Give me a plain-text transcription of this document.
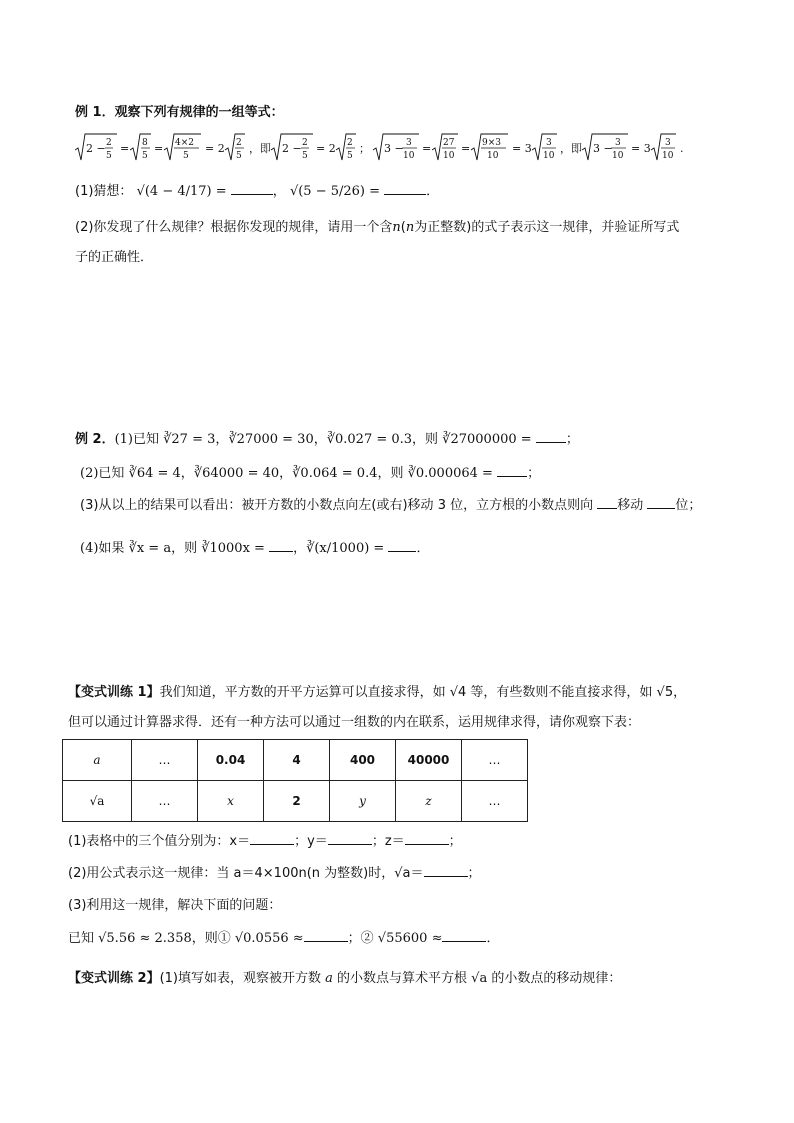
例 1．观察下列有规律的一组等式：
2 − 2
5
= 8
5
= 4×2
5
= 2 2
5
，即 2 − 2
5
= 2 2
5
； 3 − 3
10
= 27
10
= 9×3
10
= 3 3
10
，即 3 − 3
10
= 3 3
10
.
(1)猜想： √(4 − 4/17) =	， √(5 − 5/26) =	．
(2)你发现了什么规律？根据你发现的规律，请用一个含n(n为正整数)的式子表示这一规律，并验证所写式
子的正确性．
例 2．(1)已知 ∛27 = 3，∛27000 = 30，∛0.027 = 0.3，则 ∛27000000 =	；
(2)已知 ∛64 = 4，∛64000 = 40，∛0.064 = 0.4，则 ∛0.000064 =	；
(3)从以上的结果可以看出：被开方数的小数点向左(或右)移动 3 位，立方根的小数点则向 移动 位；
(4)如果 ∛x = a，则 ∛1000x = ，∛(x/1000) = ．
【变式训练 1】我们知道，平方数的开平方运算可以直接求得，如 √4 等，有些数则不能直接求得，如 √5，
但可以通过计算器求得．还有一种方法可以通过一组数的内在联系，运用规律求得，请你观察下表：
a	…	0.04	4	400	40000	…
√a	…	x	2	y	z	…
(1)表格中的三个值分别为：x＝	；y＝	；z＝	；
(2)用公式表示这一规律：当 a＝4×100n(n 为整数)时，√a＝	；
(3)利用这一规律，解决下面的问题：
已知 √5.56 ≈ 2.358，则① √0.0556 ≈	；② √55600 ≈	．
【变式训练 2】(1)填写如表，观察被开方数 a 的小数点与算术平方根 √a 的小数点的移动规律：
